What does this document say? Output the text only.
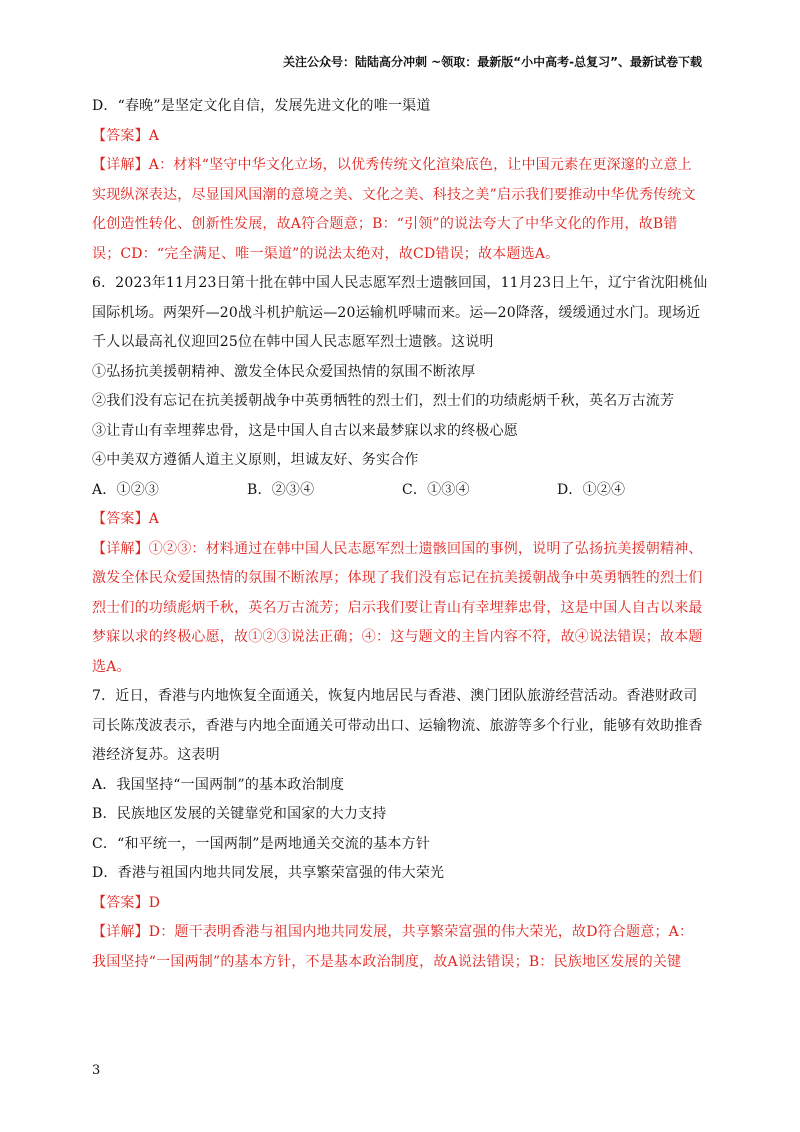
关注公众号：陆陆高分冲刺 ~领取：最新版“小中高考-总复习”、最新试卷下载
D．“春晚”是坚定文化自信，发展先进文化的唯一渠道
【答案】A
【详解】A：材料“坚守中华文化立场，以优秀传统文化渲染底色，让中国元素在更深邃的立意上
实现纵深表达，尽显国风国潮的意境之美、文化之美、科技之美”启示我们要推动中华优秀传统文
化创造性转化、创新性发展，故A符合题意；B：“引领”的说法夸大了中华文化的作用，故B错
误；CD：“完全满足、唯一渠道”的说法太绝对，故CD错误；故本题选A。
6．2023年11月23日第十批在韩中国人民志愿军烈士遗骸回国，11月23日上午，辽宁省沈阳桃仙
国际机场。两架歼—20战斗机护航运—20运输机呼啸而来。运—20降落，缓缓通过水门。现场近
千人以最高礼仪迎回25位在韩中国人民志愿军烈士遗骸。这说明
①弘扬抗美援朝精神、激发全体民众爱国热情的氛围不断浓厚
②我们没有忘记在抗美援朝战争中英勇牺牲的烈士们，烈士们的功绩彪炳千秋，英名万古流芳
③让青山有幸埋葬忠骨，这是中国人自古以来最梦寐以求的终极心愿
④中美双方遵循人道主义原则，坦诚友好、务实合作
A．①②③	B．②③④	C．①③④	D．①②④
【答案】A
【详解】①②③：材料通过在韩中国人民志愿军烈士遗骸回国的事例，说明了弘扬抗美援朝精神、
激发全体民众爱国热情的氛围不断浓厚；体现了我们没有忘记在抗美援朝战争中英勇牺牲的烈士们
烈士们的功绩彪炳千秋，英名万古流芳；启示我们要让青山有幸埋葬忠骨，这是中国人自古以来最
梦寐以求的终极心愿，故①②③说法正确；④：这与题文的主旨内容不符，故④说法错误；故本题
选A。
7．近日，香港与内地恢复全面通关，恢复内地居民与香港、澳门团队旅游经营活动。香港财政司
司长陈茂波表示，香港与内地全面通关可带动出口、运输物流、旅游等多个行业，能够有效助推香
港经济复苏。这表明
A．我国坚持“一国两制”的基本政治制度
B．民族地区发展的关键靠党和国家的大力支持
C．“和平统一，一国两制”是两地通关交流的基本方针
D．香港与祖国内地共同发展，共享繁荣富强的伟大荣光
【答案】D
【详解】D：题干表明香港与祖国内地共同发展，共享繁荣富强的伟大荣光，故D符合题意；A：
我国坚持“一国两制”的基本方针，不是基本政治制度，故A说法错误；B：民族地区发展的关键
3
